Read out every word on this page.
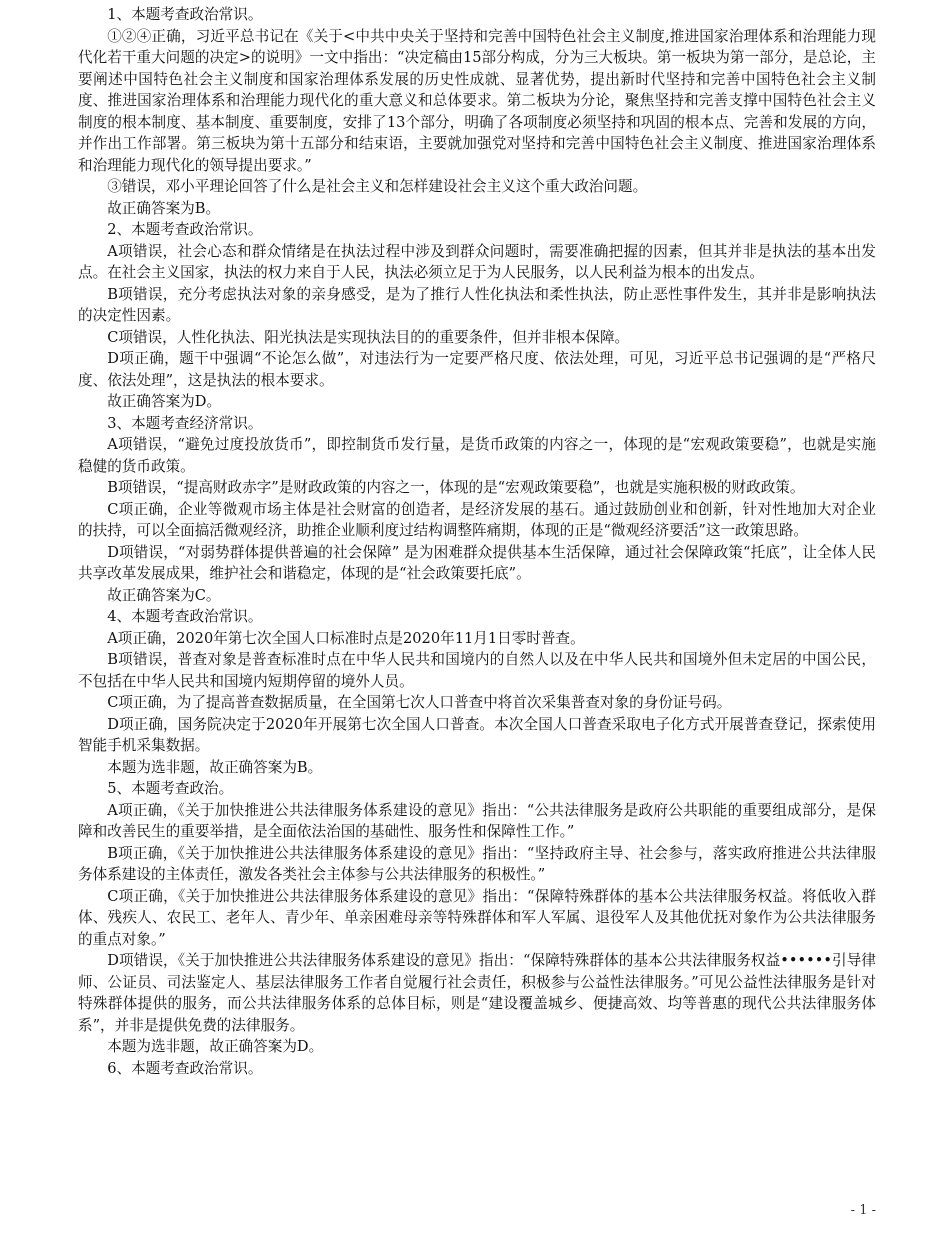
1、本题考查政治常识。

①②④正确，习近平总书记在《关于<中共中央关于坚持和完善中国特色社会主义制度,推进国家治理体系和治理能力现代化若干重大问题的决定>的说明》一文中指出：“决定稿由15部分构成，分为三大板块。第一板块为第一部分，是总论，主要阐述中国特色社会主义制度和国家治理体系发展的历史性成就、显著优势，提出新时代坚持和完善中国特色社会主义制度、推进国家治理体系和治理能力现代化的重大意义和总体要求。第二板块为分论，聚焦坚持和完善支撑中国特色社会主义制度的根本制度、基本制度、重要制度，安排了13个部分，明确了各项制度必须坚持和巩固的根本点、完善和发展的方向，并作出工作部署。第三板块为第十五部分和结束语，主要就加强党对坚持和完善中国特色社会主义制度、推进国家治理体系和治理能力现代化的领导提出要求。”

③错误，邓小平理论回答了什么是社会主义和怎样建设社会主义这个重大政治问题。

故正确答案为B。

2、本题考查政治常识。

A项错误，社会心态和群众情绪是在执法过程中涉及到群众问题时，需要准确把握的因素，但其并非是执法的基本出发点。在社会主义国家，执法的权力来自于人民，执法必须立足于为人民服务，以人民利益为根本的出发点。

B项错误，充分考虑执法对象的亲身感受，是为了推行人性化执法和柔性执法，防止恶性事件发生，其并非是影响执法的决定性因素。

C项错误，人性化执法、阳光执法是实现执法目的的重要条件，但并非根本保障。

D项正确，题干中强调“不论怎么做”，对违法行为一定要严格尺度、依法处理，可见，习近平总书记强调的是“严格尺度、依法处理”，这是执法的根本要求。

故正确答案为D。

3、本题考查经济常识。

A项错误，“避免过度投放货币”，即控制货币发行量，是货币政策的内容之一，体现的是“宏观政策要稳”，也就是实施稳健的货币政策。

B项错误，“提高财政赤字”是财政政策的内容之一，体现的是“宏观政策要稳”，也就是实施积极的财政政策。

C项正确，企业等微观市场主体是社会财富的创造者，是经济发展的基石。通过鼓励创业和创新，针对性地加大对企业的扶持，可以全面搞活微观经济，助推企业顺利度过结构调整阵痛期，体现的正是“微观经济要活”这一政策思路。

D项错误，“对弱势群体提供普遍的社会保障” 是为困难群众提供基本生活保障，通过社会保障政策“托底”，让全体人民共享改革发展成果，维护社会和谐稳定，体现的是“社会政策要托底”。

故正确答案为C。

4、本题考查政治常识。

A项正确，2020年第七次全国人口标准时点是2020年11月1日零时普查。

B项错误，普查对象是普查标准时点在中华人民共和国境内的自然人以及在中华人民共和国境外但未定居的中国公民，不包括在中华人民共和国境内短期停留的境外人员。

C项正确，为了提高普查数据质量，在全国第七次人口普查中将首次采集普查对象的身份证号码。

D项正确，国务院决定于2020年开展第七次全国人口普查。本次全国人口普查采取电子化方式开展普查登记，探索使用智能手机采集数据。

本题为选非题，故正确答案为B。

5、本题考查政治。

A项正确，《关于加快推进公共法律服务体系建设的意见》指出：“公共法律服务是政府公共职能的重要组成部分，是保障和改善民生的重要举措，是全面依法治国的基础性、服务性和保障性工作。”

B项正确，《关于加快推进公共法律服务体系建设的意见》指出：“坚持政府主导、社会参与，落实政府推进公共法律服务体系建设的主体责任，激发各类社会主体参与公共法律服务的积极性。”

C项正确，《关于加快推进公共法律服务体系建设的意见》指出：“保障特殊群体的基本公共法律服务权益。将低收入群体、残疾人、农民工、老年人、青少年、单亲困难母亲等特殊群体和军人军属、退役军人及其他优抚对象作为公共法律服务的重点对象。”

D项错误，《关于加快推进公共法律服务体系建设的意见》指出：“保障特殊群体的基本公共法律服务权益••••••引导律师、公证员、司法鉴定人、基层法律服务工作者自觉履行社会责任，积极参与公益性法律服务。”可见公益性法律服务是针对特殊群体提供的服务，而公共法律服务体系的总体目标，则是“建设覆盖城乡、便捷高效、均等普惠的现代公共法律服务体系”，并非是提供免费的法律服务。

本题为选非题，故正确答案为D。

6、本题考查政治常识。

- 1 -
